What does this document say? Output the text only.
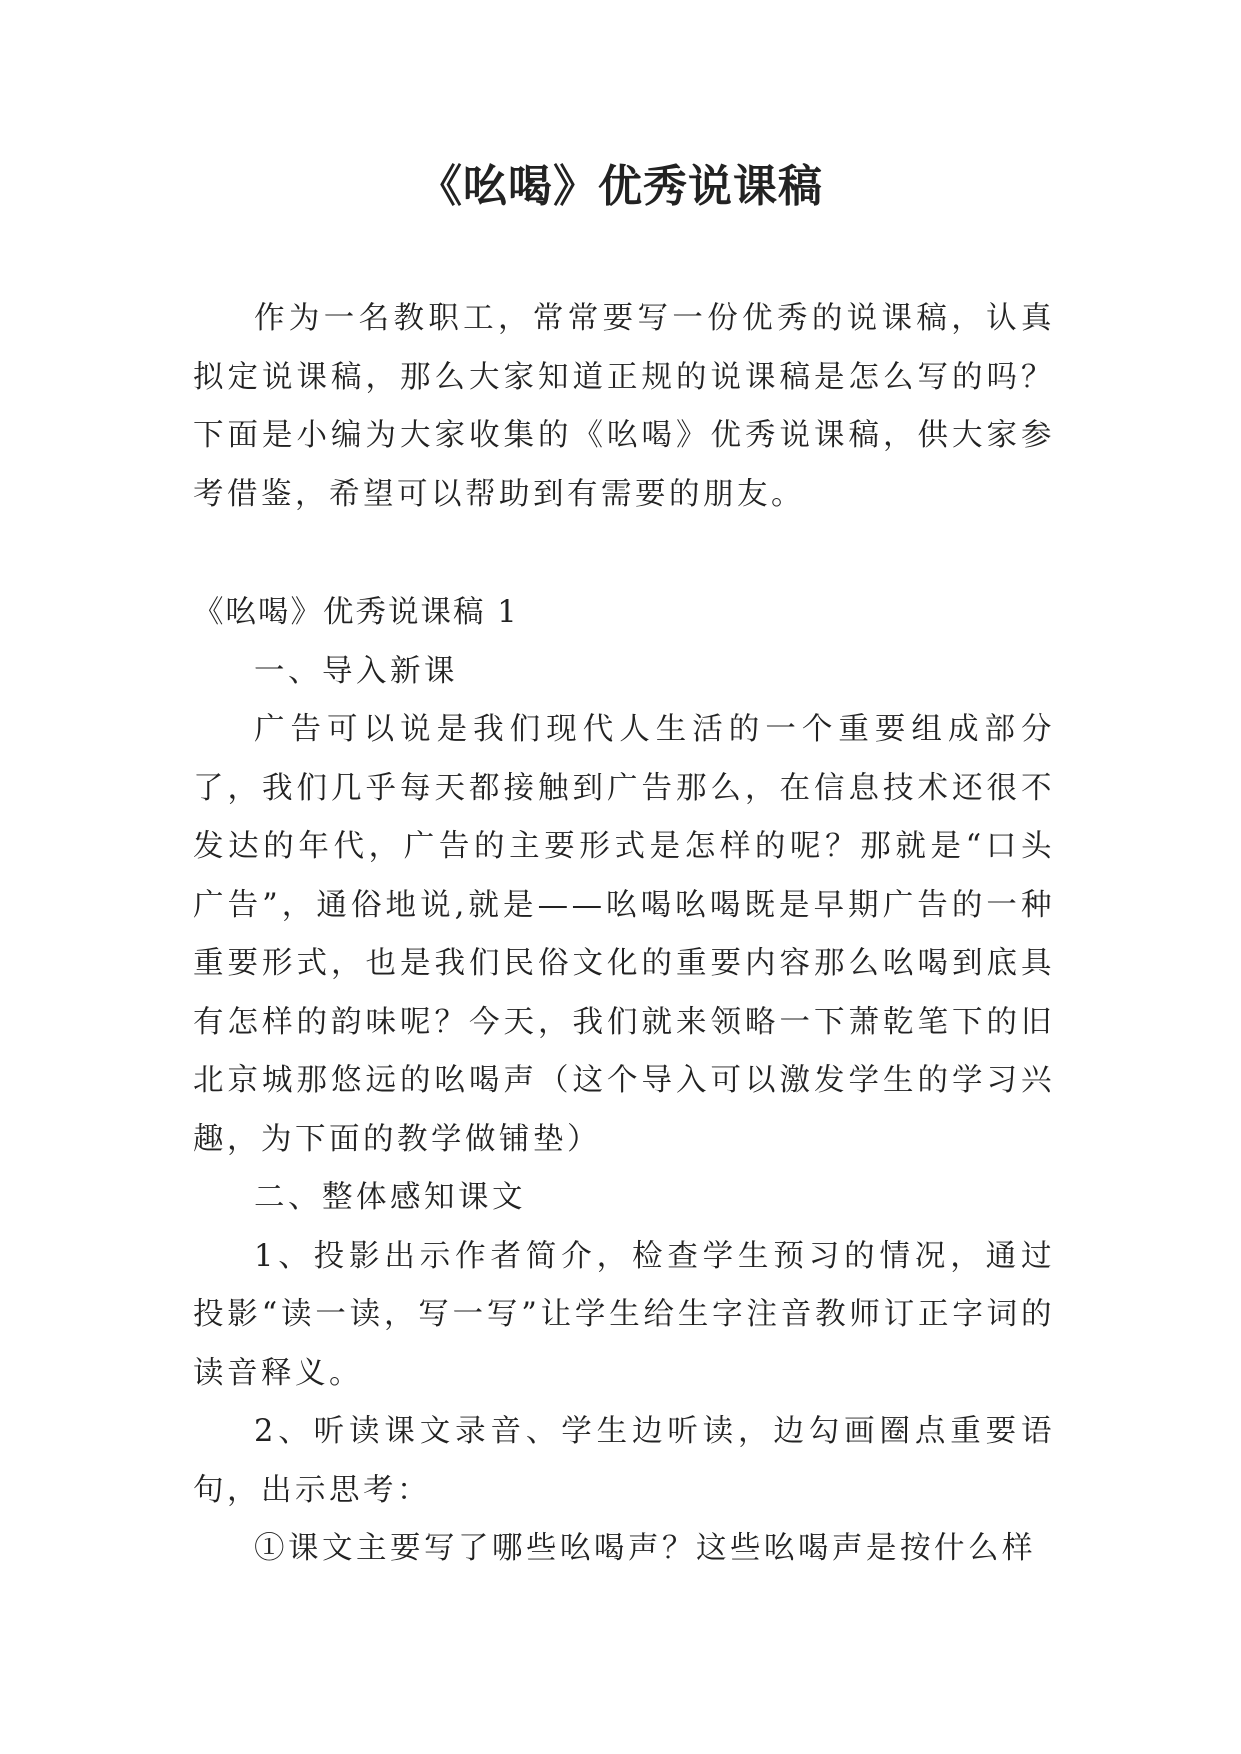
《吆喝》优秀说课稿

作为一名教职工，常常要写一份优秀的说课稿，认真拟定说课稿，那么大家知道正规的说课稿是怎么写的吗？下面是小编为大家收集的《吆喝》优秀说课稿，供大家参考借鉴，希望可以帮助到有需要的朋友。

《吆喝》优秀说课稿 1

一、导入新课

广告可以说是我们现代人生活的一个重要组成部分了，我们几乎每天都接触到广告那么，在信息技术还很不发达的年代，广告的主要形式是怎样的呢？那就是“口头广告”，通俗地说,就是——吆喝吆喝既是早期广告的一种重要形式，也是我们民俗文化的重要内容那么吆喝到底具有怎样的韵味呢？今天，我们就来领略一下萧乾笔下的旧北京城那悠远的吆喝声（这个导入可以激发学生的学习兴趣，为下面的教学做铺垫）

二、整体感知课文

1、投影出示作者简介，检查学生预习的情况，通过投影“读一读，写一写”让学生给生字注音教师订正字词的读音释义。

2、听读课文录音、学生边听读，边勾画圈点重要语句，出示思考：

①课文主要写了哪些吆喝声？这些吆喝声是按什么样
